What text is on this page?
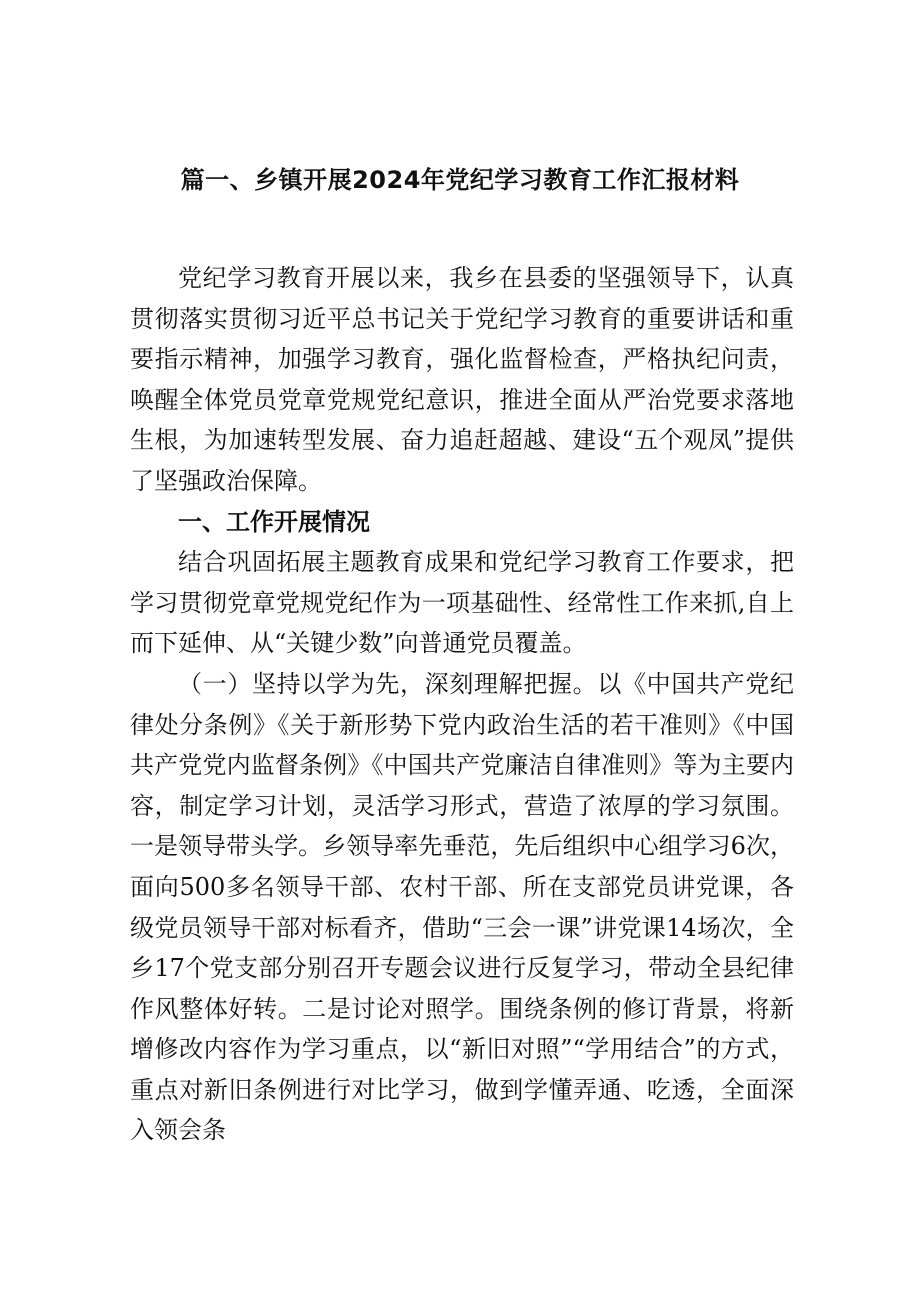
篇一、乡镇开展2024年党纪学习教育工作汇报材料

党纪学习教育开展以来，我乡在县委的坚强领导下，认真贯彻落实贯彻习近平总书记关于党纪学习教育的重要讲话和重要指示精神，加强学习教育，强化监督检查，严格执纪问责，唤醒全体党员党章党规党纪意识，推进全面从严治党要求落地生根，为加速转型发展、奋力追赶超越、建设“五个观凤”提供了坚强政治保障。

一、工作开展情况

结合巩固拓展主题教育成果和党纪学习教育工作要求，把学习贯彻党章党规党纪作为一项基础性、经常性工作来抓,自上而下延伸、从“关键少数”向普通党员覆盖。

（一）坚持以学为先，深刻理解把握。以《中国共产党纪律处分条例》《关于新形势下党内政治生活的若干准则》《中国共产党党内监督条例》《中国共产党廉洁自律准则》等为主要内容，制定学习计划，灵活学习形式，营造了浓厚的学习氛围。一是领导带头学。乡领导率先垂范，先后组织中心组学习6次，面向500多名领导干部、农村干部、所在支部党员讲党课，各级党员领导干部对标看齐，借助“三会一课”讲党课14场次，全乡17个党支部分别召开专题会议进行反复学习，带动全县纪律作风整体好转。二是讨论对照学。围绕条例的修订背景，将新增修改内容作为学习重点，以“新旧对照”“学用结合”的方式，重点对新旧条例进行对比学习，做到学懂弄通、吃透，全面深入领会条
